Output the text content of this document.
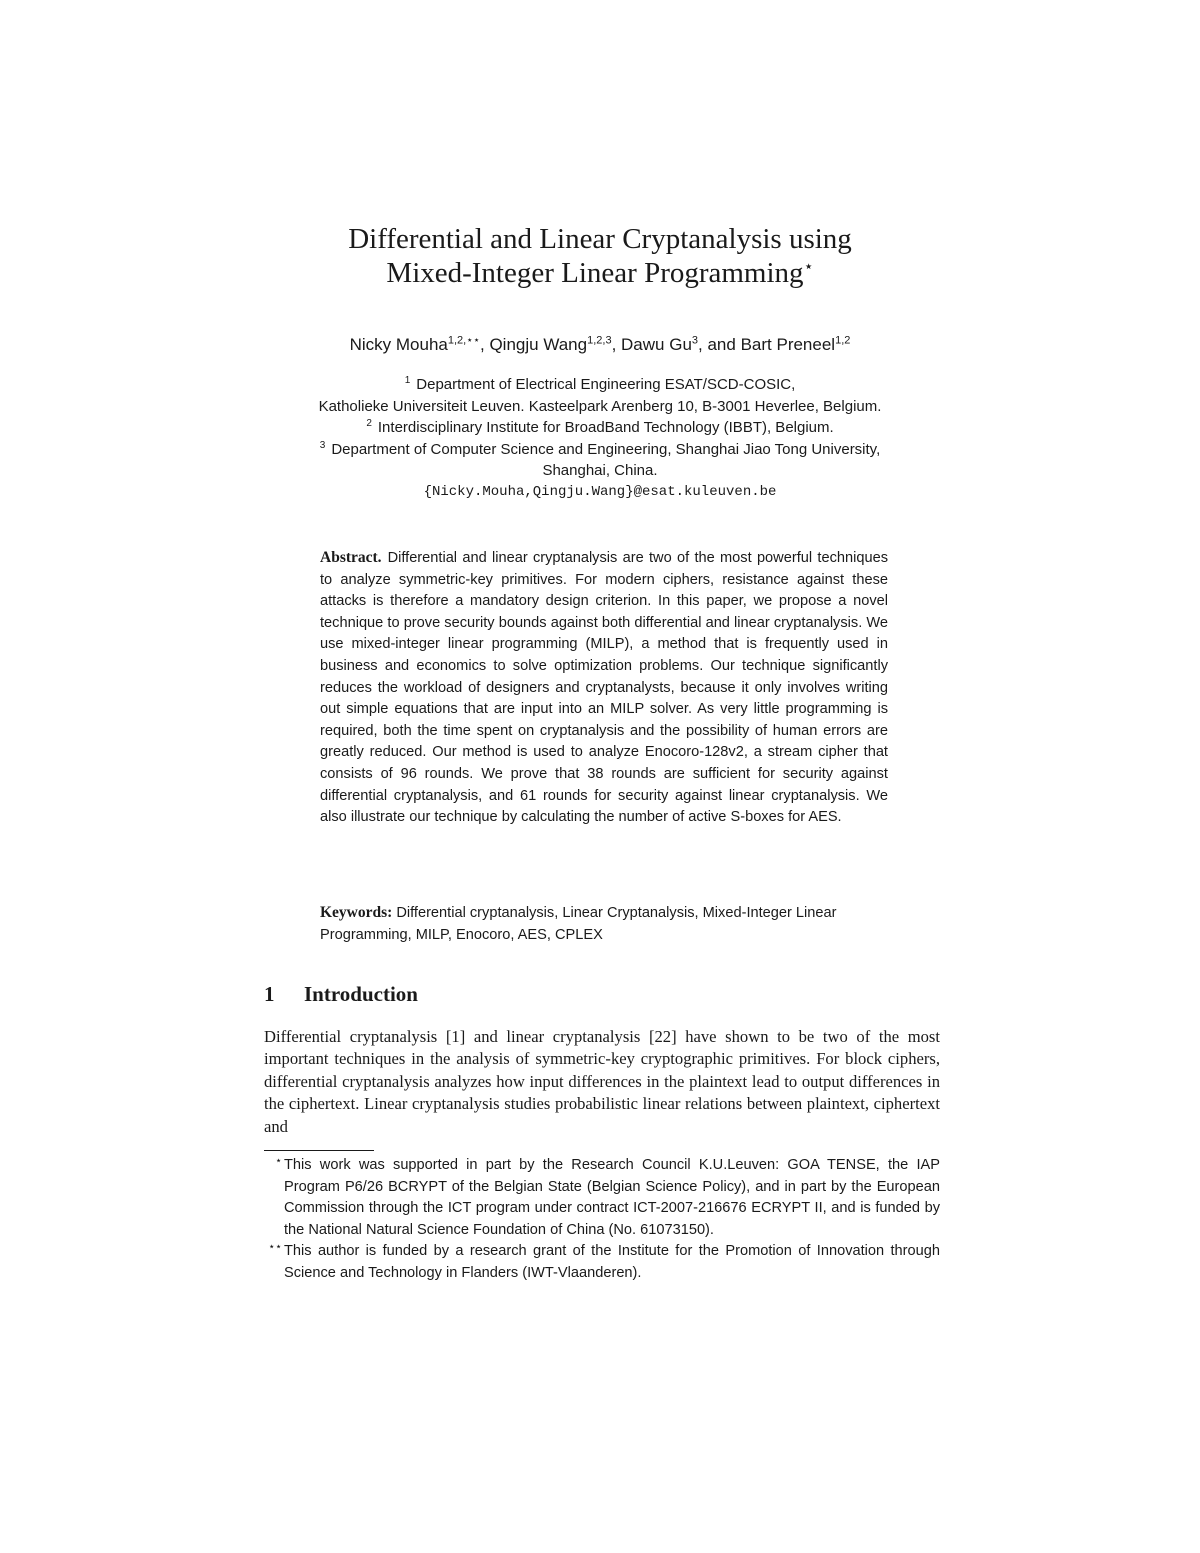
Differential and Linear Cryptanalysis using
Mixed-Integer Linear Programming⋆
Nicky Mouha$^{1,2,⋆⋆}$, Qingju Wang$^{1,2,3}$, Dawu Gu$^3$, and Bart Preneel$^{1,2}$
$^1$ Department of Electrical Engineering ESAT/SCD-COSIC,
Katholieke Universiteit Leuven. Kasteelpark Arenberg 10, B-3001 Heverlee, Belgium.
$^2$ Interdisciplinary Institute for BroadBand Technology (IBBT), Belgium.
$^3$ Department of Computer Science and Engineering, Shanghai Jiao Tong University,
Shanghai, China.
{Nicky.Mouha,Qingju.Wang}@esat.kuleuven.be
Abstract. Differential and linear cryptanalysis are two of the most powerful techniques to analyze symmetric-key primitives. For modern ciphers, resistance against these attacks is therefore a mandatory design criterion. In this paper, we propose a novel technique to prove security bounds against both differential and linear cryptanalysis. We use mixed-integer linear programming (MILP), a method that is frequently used in business and economics to solve optimization problems. Our technique significantly reduces the workload of designers and cryptanalysts, because it only involves writing out simple equations that are input into an MILP solver. As very little programming is required, both the time spent on cryptanalysis and the possibility of human errors are greatly reduced. Our method is used to analyze Enocoro-128v2, a stream cipher that consists of 96 rounds. We prove that 38 rounds are sufficient for security against differential cryptanalysis, and 61 rounds for security against linear cryptanalysis. We also illustrate our technique by calculating the number of active S-boxes for AES.
Keywords: Differential cryptanalysis, Linear Cryptanalysis, Mixed-Integer Linear Programming, MILP, Enocoro, AES, CPLEX
1 Introduction
Differential cryptanalysis [1] and linear cryptanalysis [22] have shown to be two of the most important techniques in the analysis of symmetric-key cryptographic primitives. For block ciphers, differential cryptanalysis analyzes how input differences in the plaintext lead to output differences in the ciphertext. Linear cryptanalysis studies probabilistic linear relations between plaintext, ciphertext and
⋆ This work was supported in part by the Research Council K.U.Leuven: GOA TENSE, the IAP Program P6/26 BCRYPT of the Belgian State (Belgian Science Policy), and in part by the European Commission through the ICT program under contract ICT-2007-216676 ECRYPT II, and is funded by the National Natural Science Foundation of China (No. 61073150).
⋆⋆ This author is funded by a research grant of the Institute for the Promotion of Innovation through Science and Technology in Flanders (IWT-Vlaanderen).
